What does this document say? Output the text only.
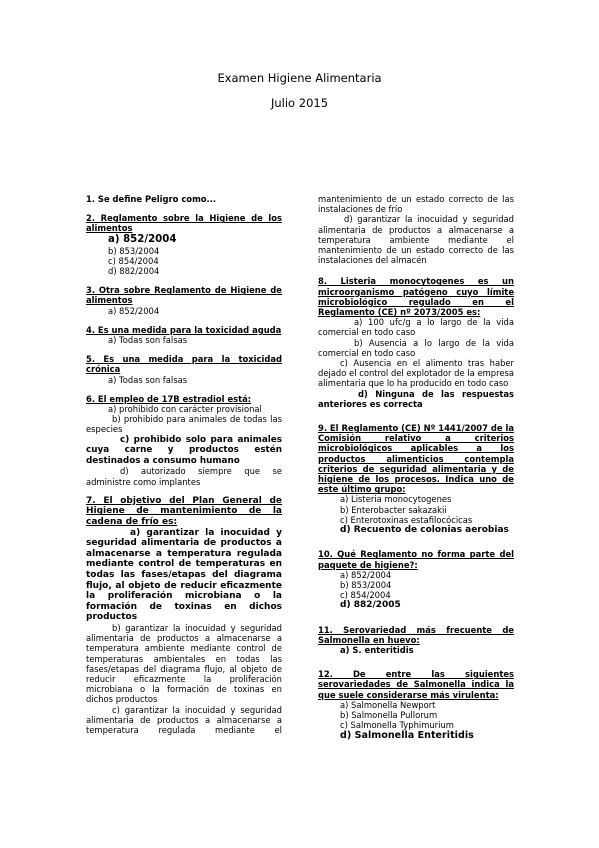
Examen Higiene Alimentaria
Julio 2015
1. Se define Peligro como...
2. Reglamento sobre la Higiene de los alimentos
a) 852/2004
b) 853/2004
c) 854/2004
d) 882/2004
3. Otra sobre Reglamento de Higiene de alimentos
a) 852/2004
4. Es una medida para la toxicidad aguda
a) Todas son falsas
5. Es una medida para la toxicidad crónica
a) Todas son falsas
6. El empleo de 17B estradiol está:
a) prohibido con carácter provisional
b) prohibido para animales de todas las especies
c) prohibido solo para animales cuya carne y productos estén destinados a consumo humano
d) autorizado siempre que se administre como implantes
7. El objetivo del Plan General de Higiene de mantenimiento de la cadena de frío es:
a) garantizar la inocuidad y seguridad alimentaria de productos a almacenarse a temperatura regulada mediante control de temperaturas en todas las fases/etapas del diagrama flujo, al objeto de reducir eficazmente la proliferación microbiana o la formación de toxinas en dichos productos
b) garantizar la inocuidad y seguridad alimentaria de productos a almacenarse a temperatura ambiente mediante control de temperaturas ambientales en todas las fases/etapas del diagrama flujo, al objeto de reducir eficazmente la proliferación microbiana o la formación de toxinas en dichos productos
c) garantizar la inocuidad y seguridad alimentaria de productos a almacenarse a temperatura regulada mediante el
mantenimiento de un estado correcto de las instalaciones de frío
d) garantizar la inocuidad y seguridad alimentaria de productos a almacenarse a temperatura ambiente mediante el mantenimiento de un estado correcto de las instalaciones del almacén
8. Listeria monocytogenes es un microorganismo patógeno cuyo límite microbiológico regulado en el Reglamento (CE) nº 2073/2005 es:
a) 100 ufc/g a lo largo de la vida comercial en todo caso
b) Ausencia a lo largo de la vida comercial en todo caso
c) Ausencia en el alimento tras haber dejado el control del explotador de la empresa alimentaria que lo ha producido en todo caso
d) Ninguna de las respuestas anteriores es correcta
9. El Reglamento (CE) Nº 1441/2007 de la Comisión relativo a criterios microbiológicos aplicables a los productos alimenticios contempla criterios de seguridad alimentaria y de higiene de los procesos. Indica uno de este último grupo:
a) Listeria monocytogenes
b) Enterobacter sakazakii
c) Enterotoxinas estafilocócicas
d) Recuento de colonias aerobias
10. Qué Reglamento no forma parte del paquete de higiene?:
a) 852/2004
b) 853/2004
c) 854/2004
d) 882/2005
11. Serovariedad más frecuente de Salmonella en huevo:
a) S. enteritidis
12. De entre las siguientes serovariedades de Salmonella indica la que suele considerarse más virulenta:
a) Salmonella Newport
b) Salmonella Pullorum
c) Salmonella Typhimurium
d) Salmonella Enteritidis
